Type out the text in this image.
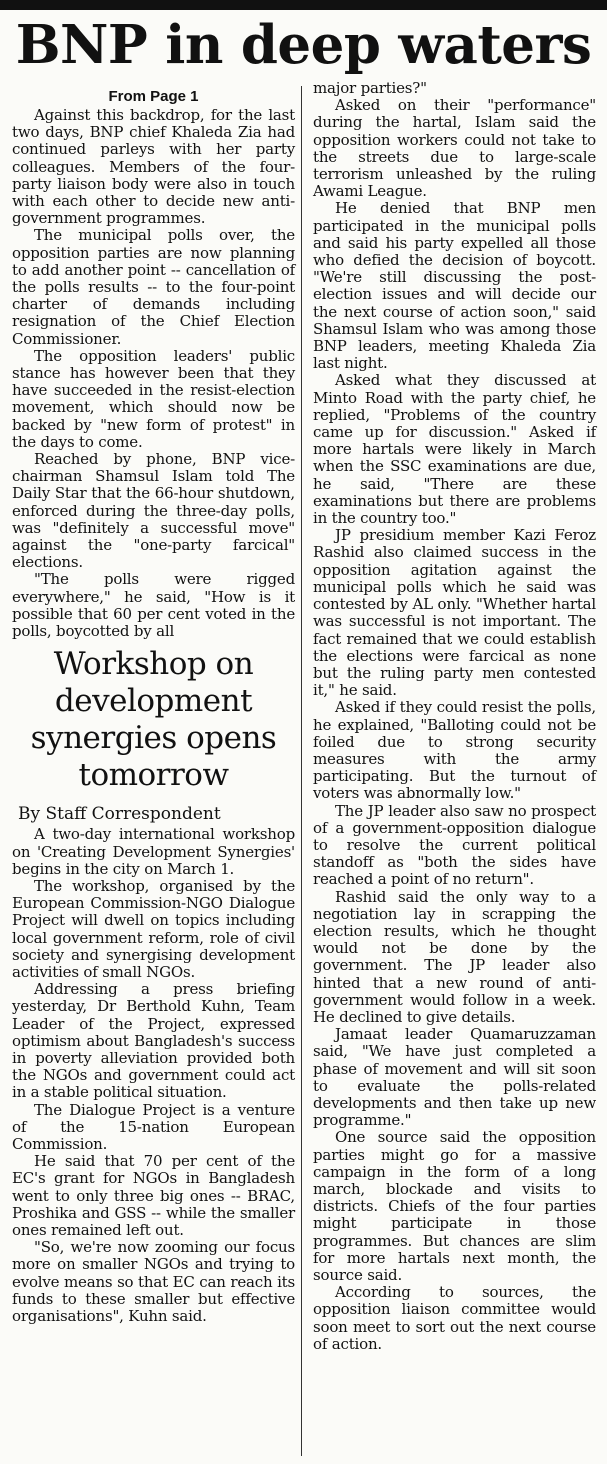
BNP in deep waters
From Page 1

Against this backdrop, for the last two days, BNP chief Khaleda Zia had continued parleys with her party colleagues. Members of the four-party liaison body were also in touch with each other to decide new anti-government programmes.

The municipal polls over, the opposition parties are now planning to add another point -- cancellation of the polls results -- to the four-point charter of demands including resignation of the Chief Election Commissioner.

The opposition leaders' public stance has however been that they have succeeded in the resist-election movement, which should now be backed by "new form of protest" in the days to come.

Reached by phone, BNP vice-chairman Shamsul Islam told The Daily Star that the 66-hour shutdown, enforced during the three-day polls, was "definitely a successful move" against the "one-party farcical" elections.

"The polls were rigged everywhere," he said, "How is it possible that 60 per cent voted in the polls, boycotted by all

Workshop on development synergies opens tomorrow
By Staff Correspondent

A two-day international workshop on 'Creating Development Synergies' begins in the city on March 1.

The workshop, organised by the European Commission-NGO Dialogue Project will dwell on topics including local government reform, role of civil society and synergising development activities of small NGOs.

Addressing a press briefing yesterday, Dr Berthold Kuhn, Team Leader of the Project, expressed optimism about Bangladesh's success in poverty alleviation provided both the NGOs and government could act in a stable political situation.

The Dialogue Project is a venture of the 15-nation European Commission.

He said that 70 per cent of the EC's grant for NGOs in Bangladesh went to only three big ones -- BRAC, Proshika and GSS -- while the smaller ones remained left out.

"So, we're now zooming our focus more on smaller NGOs and trying to evolve means so that EC can reach its funds to these smaller but effective organisations", Kuhn said.

major parties?"

Asked on their "performance" during the hartal, Islam said the opposition workers could not take to the streets due to large-scale terrorism unleashed by the ruling Awami League.

He denied that BNP men participated in the municipal polls and said his party expelled all those who defied the decision of boycott. "We're still discussing the post-election issues and will decide our the next course of action soon," said Shamsul Islam who was among those BNP leaders, meeting Khaleda Zia last night.

Asked what they discussed at Minto Road with the party chief, he replied, "Problems of the country came up for discussion." Asked if more hartals were likely in March when the SSC examinations are due, he said, "There are these examinations but there are problems in the country too."

JP presidium member Kazi Feroz Rashid also claimed success in the opposition agitation against the municipal polls which he said was contested by AL only. "Whether hartal was successful is not important. The fact remained that we could establish the elections were farcical as none but the ruling party men contested it," he said.

Asked if they could resist the polls, he explained, "Balloting could not be foiled due to strong security measures with the army participating. But the turnout of voters was abnormally low."

The JP leader also saw no prospect of a government-opposition dialogue to resolve the current political standoff as "both the sides have reached a point of no return".

Rashid said the only way to a negotiation lay in scrapping the election results, which he thought would not be done by the government. The JP leader also hinted that a new round of anti-government would follow in a week. He declined to give details.

Jamaat leader Quamaruzzaman said, "We have just completed a phase of movement and will sit soon to evaluate the polls-related developments and then take up new programme."

One source said the opposition parties might go for a massive campaign in the form of a long march, blockade and visits to districts. Chiefs of the four parties might participate in those programmes. But chances are slim for more hartals next month, the source said.

According to sources, the opposition liaison committee would soon meet to sort out the next course of action.
